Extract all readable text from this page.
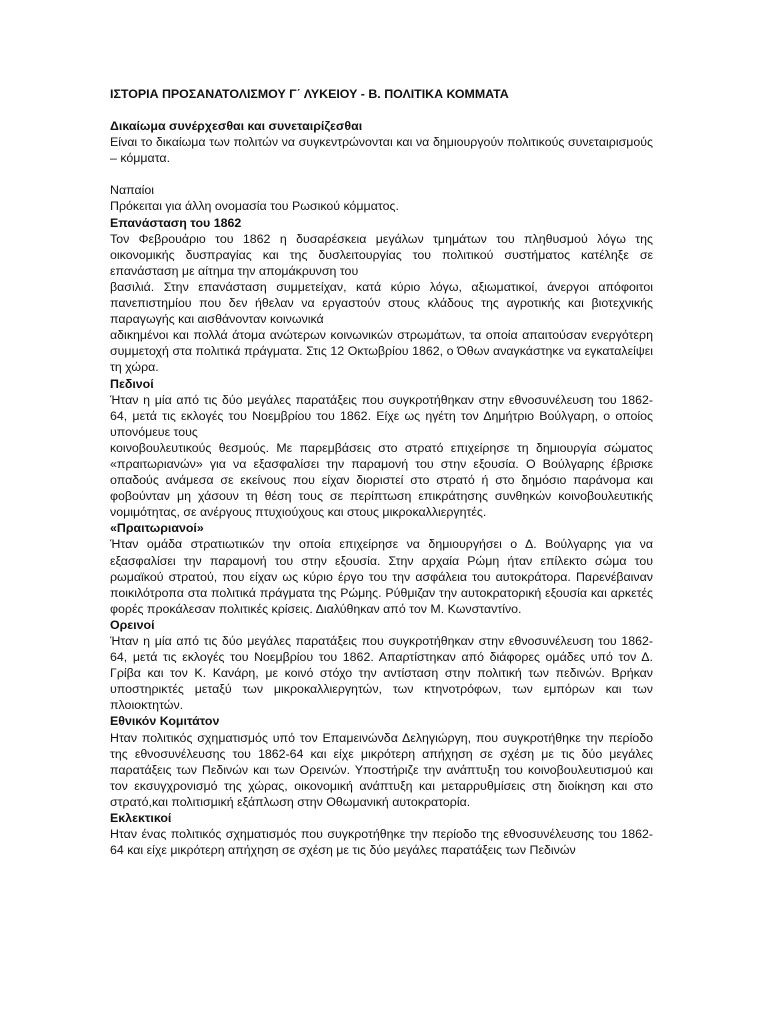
ΙΣΤΟΡΙΑ ΠΡΟΣΑΝΑΤΟΛΙΣΜΟΥ Γ΄ ΛΥΚΕΙΟΥ - Β. ΠΟΛΙΤΙΚΑ ΚΟΜΜΑΤΑ
Δικαίωμα συνέρχεσθαι και συνεταιρίζεσθαι

Είναι το δικαίωμα των πολιτών να συγκεντρώνονται και να δημιουργούν πολιτικούς συνεταιρισμούς – κόμματα.

Ναπαίοι

Πρόκειται για άλλη ονομασία του Ρωσικού κόμματος.

Επανάσταση του 1862

Τον Φεβρουάριο του 1862 η δυσαρέσκεια μεγάλων τμημάτων του πληθυσμού λόγω της οικονομικής δυσπραγίας και της δυσλειτουργίας του πολιτικού συστήματος κατέληξε σε επανάσταση με αίτημα την απομάκρυνση του

βασιλιά. Στην επανάσταση συμμετείχαν, κατά κύριο λόγω, αξιωματικοί, άνεργοι απόφοιτοι πανεπιστημίου που δεν ήθελαν να εργαστούν στους κλάδους της αγροτικής και βιοτεχνικής παραγωγής και αισθάνονταν κοινωνικά

αδικημένοι και πολλά άτομα ανώτερων κοινωνικών στρωμάτων, τα οποία απαιτούσαν ενεργότερη συμμετοχή στα πολιτικά πράγματα. Στις 12 Οκτωβρίου 1862, ο Όθων αναγκάστηκε να εγκαταλείψει τη χώρα.

Πεδινοί

Ήταν η μία από τις δύο μεγάλες παρατάξεις που συγκροτήθηκαν στην εθνοσυνέλευση του 1862-64, μετά τις εκλογές του Νοεμβρίου του 1862. Είχε ως ηγέτη τον Δημήτριο Βούλγαρη, ο οποίος υπονόμευε τους

κοινοβουλευτικούς θεσμούς. Με παρεμβάσεις στο στρατό επιχείρησε τη δημιουργία σώματος «πραιτωριανών» για να εξασφαλίσει την παραμονή του στην εξουσία. Ο Βούλγαρης έβρισκε οπαδούς ανάμεσα σε εκείνους που είχαν διοριστεί στο στρατό ή στο δημόσιο παράνομα και φοβούνταν μη χάσουν τη θέση τους σε περίπτωση επικράτησης συνθηκών κοινοβουλευτικής νομιμότητας, σε ανέργους πτυχιούχους και στους μικροκαλλιεργητές.

«Πραιτωριανοί»

Ήταν ομάδα στρατιωτικών την οποία επιχείρησε να δημιουργήσει ο Δ. Βούλγαρης για να εξασφαλίσει την παραμονή του στην εξουσία. Στην αρχαία Ρώμη ήταν επίλεκτο σώμα του ρωμαϊκού στρατού, που είχαν ως κύριο έργο του την ασφάλεια του αυτοκράτορα. Παρενέβαιναν ποικιλότροπα στα πολιτικά πράγματα της Ρώμης. Ρύθμιζαν την αυτοκρατορική εξουσία και αρκετές φορές προκάλεσαν πολιτικές κρίσεις. Διαλύθηκαν από τον Μ. Κωνσταντίνο.

Ορεινοί

Ήταν η μία από τις δύο μεγάλες παρατάξεις που συγκροτήθηκαν στην εθνοσυνέλευση του 1862-64, μετά τις εκλογές του Νοεμβρίου του 1862. Απαρτίστηκαν από διάφορες ομάδες υπό τον Δ. Γρίβα και τον Κ. Κανάρη, με κοινό στόχο την αντίσταση στην πολιτική των πεδινών. Βρήκαν υποστηρικτές μεταξύ των μικροκαλλιεργητών, των κτηνοτρόφων, των εμπόρων και των πλοιοκτητών.

Εθνικόν Κομιτάτον

Ηταν πολιτικός σχηματισμός υπό τον Επαμεινώνδα Δεληγιώργη, που συγκροτήθηκε την περίοδο της εθνοσυνέλευσης του 1862-64 και είχε μικρότερη απήχηση σε σχέση με τις δύο μεγάλες παρατάξεις των Πεδινών και των Ορεινών. Υποστήριζε την ανάπτυξη του κοινοβουλευτισμού και τον εκσυγχρονισμό της χώρας, οικονομική ανάπτυξη και μεταρρυθμίσεις στη διοίκηση και στο στρατό,και πολιτισμική εξάπλωση στην Οθωμανική αυτοκρατορία.

Εκλεκτικοί

Ηταν ένας πολιτικός σχηματισμός που συγκροτήθηκε την περίοδο της εθνοσυνέλευσης του 1862-64 και είχε μικρότερη απήχηση σε σχέση με τις δύο μεγάλες παρατάξεις των Πεδινών
